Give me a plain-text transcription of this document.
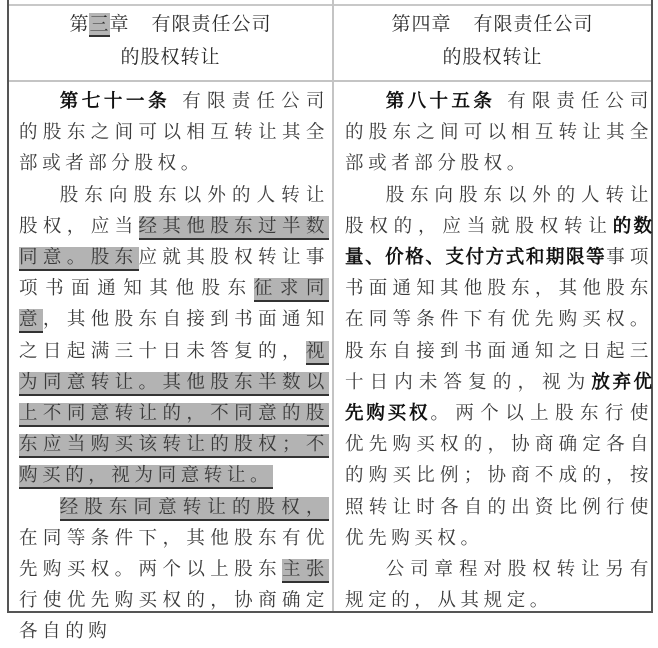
第三章 有限责任公司
的股权转让
第四章 有限责任公司
的股权转让

第七十一条 有限责任公司的股东之间可以相互转让其全部或者部分股权。

股东向股东以外的人转让股权，应当经其他股东过半数同意。股东应就其股权转让事项书面通知其他股东征求同意，其他股东自接到书面通知之日起满三十日未答复的，视为同意转让。其他股东半数以上不同意转让的，不同意的股东应当购买该转让的股权；不购买的，视为同意转让。

经股东同意转让的股权，在同等条件下，其他股东有优先购买权。两个以上股东主张行使优先购买权的，协商确定各自的购

第八十五条 有限责任公司的股东之间可以相互转让其全部或者部分股权。

股东向股东以外的人转让股权的，应当就股权转让的数量、价格、支付方式和期限等事项书面通知其他股东，其他股东在同等条件下有优先购买权。股东自接到书面通知之日起三十日内未答复的，视为放弃优先购买权。两个以上股东行使优先购买权的，协商确定各自的购买比例；协商不成的，按照转让时各自的出资比例行使优先购买权。

公司章程对股权转让另有规定的，从其规定。
